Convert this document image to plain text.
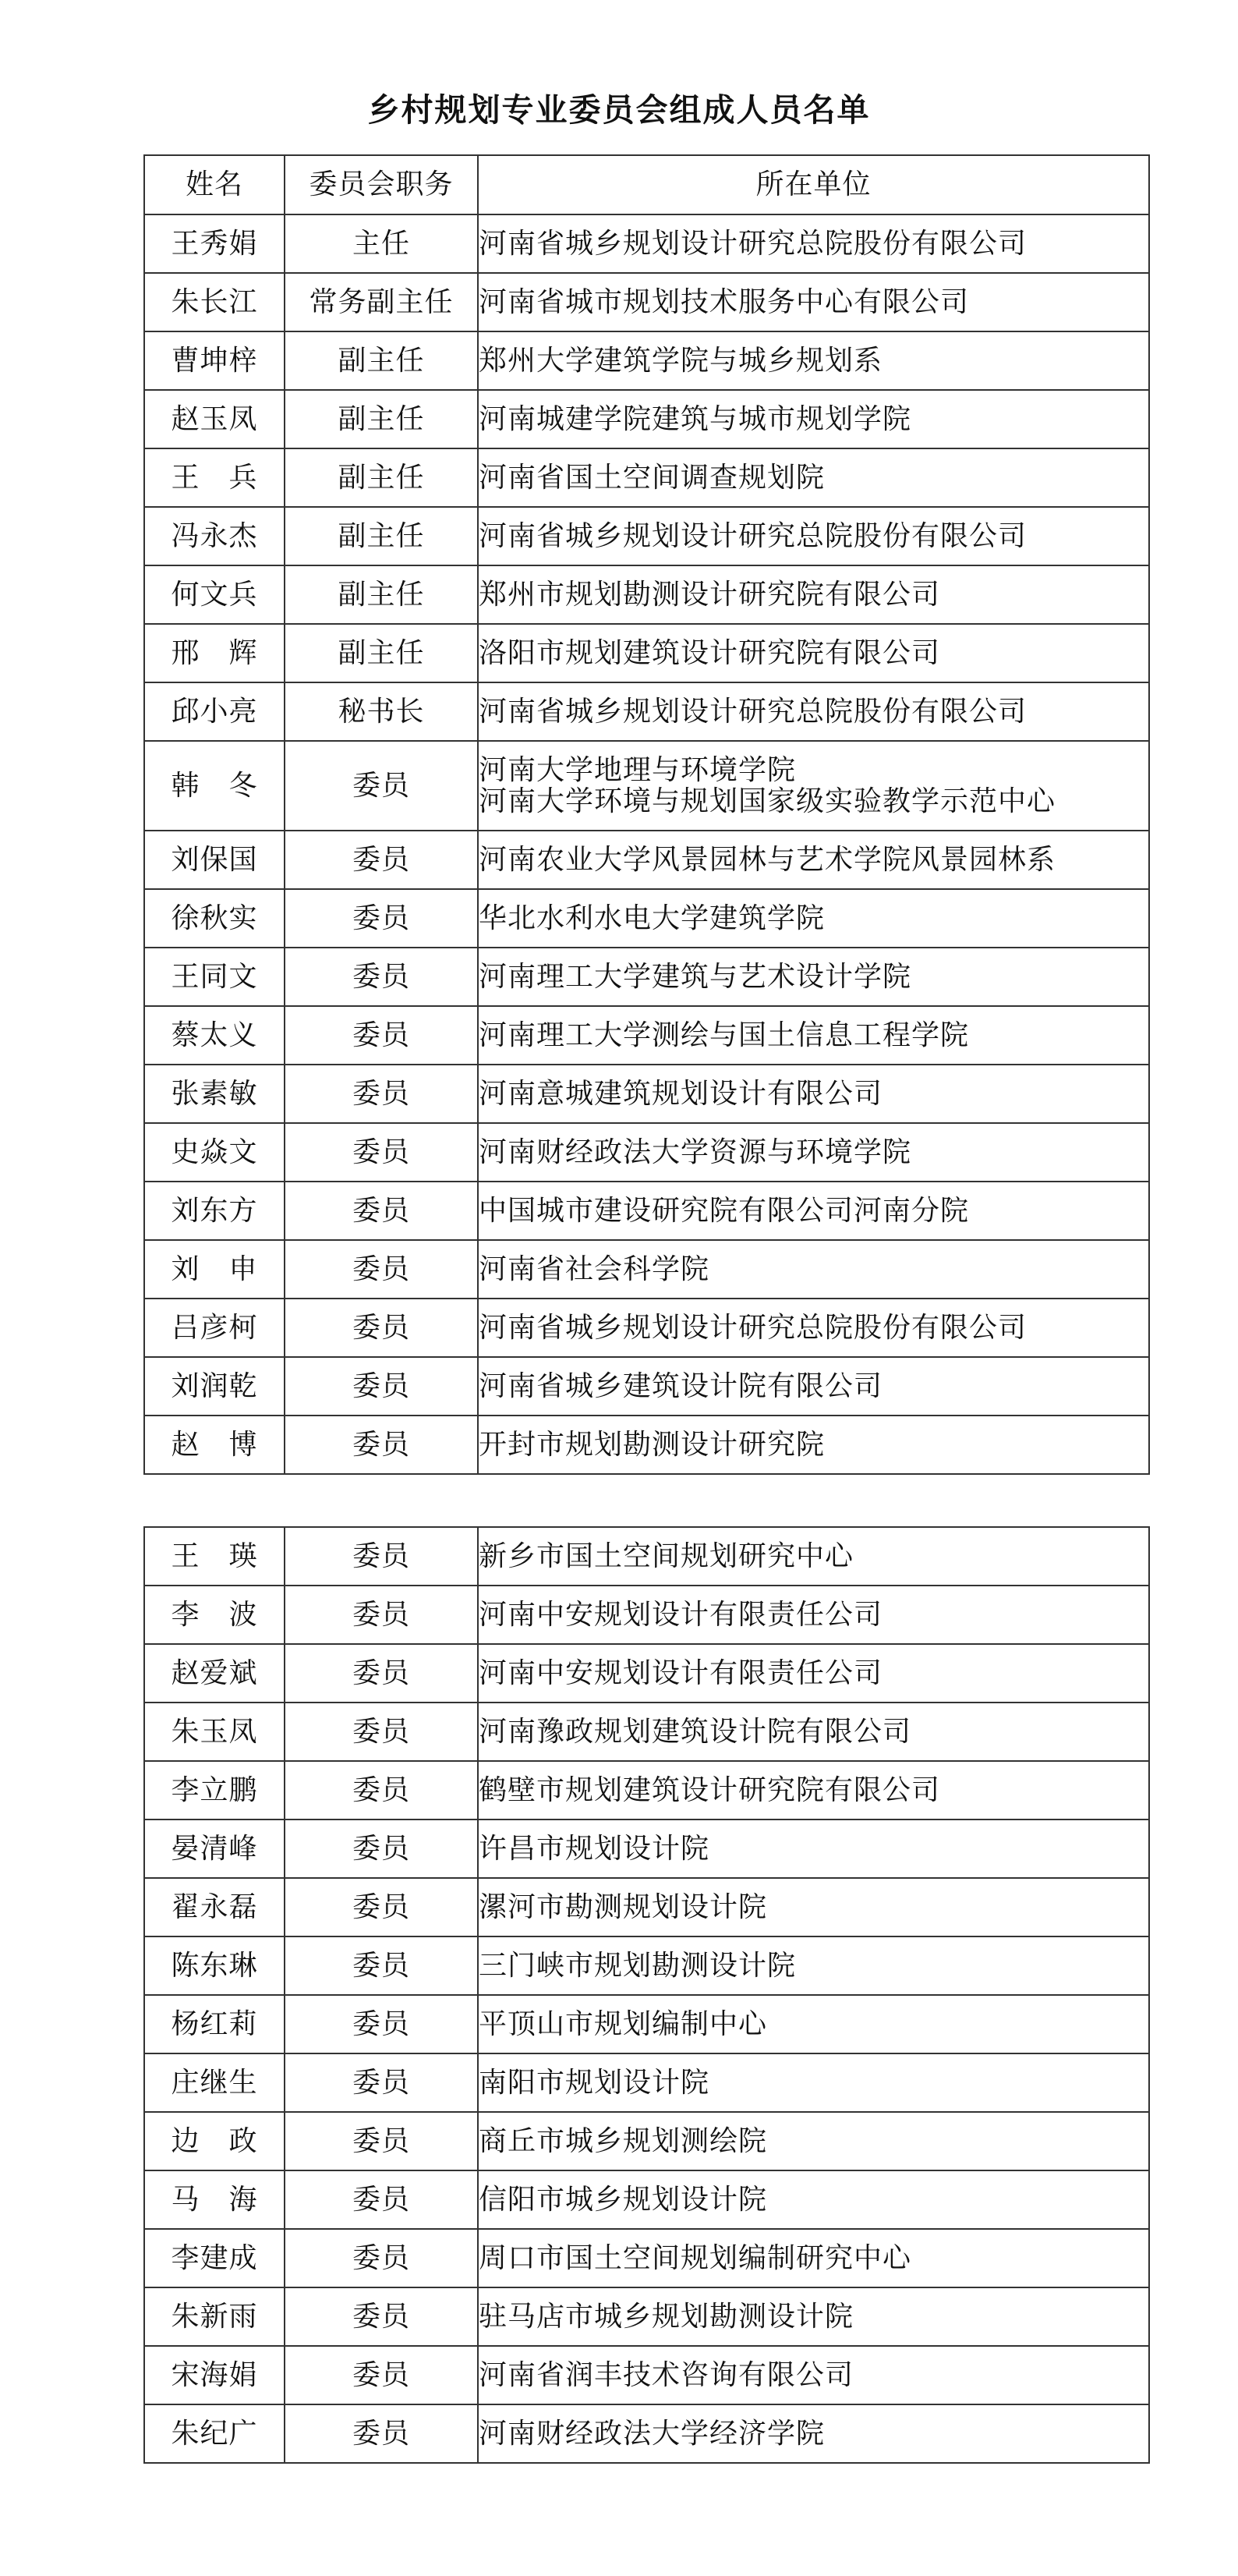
乡村规划专业委员会组成人员名单
姓名	委员会职务	所在单位
王秀娟	主任	河南省城乡规划设计研究总院股份有限公司

朱长江	常务副主任	河南省城市规划技术服务中心有限公司

曹坤梓	副主任	郑州大学建筑学院与城乡规划系

赵玉凤	副主任	河南城建学院建筑与城市规划学院

王　兵	副主任	河南省国土空间调查规划院

冯永杰	副主任	河南省城乡规划设计研究总院股份有限公司

何文兵	副主任	郑州市规划勘测设计研究院有限公司

邢　辉	副主任	洛阳市规划建筑设计研究院有限公司

邱小亮	秘书长	河南省城乡规划设计研究总院股份有限公司

韩　冬	委员	河南大学地理与环境学院
河南大学环境与规划国家级实验教学示范中心

刘保国	委员	河南农业大学风景园林与艺术学院风景园林系

徐秋实	委员	华北水利水电大学建筑学院

王同文	委员	河南理工大学建筑与艺术设计学院

蔡太义	委员	河南理工大学测绘与国土信息工程学院

张素敏	委员	河南意城建筑规划设计有限公司

史焱文	委员	河南财经政法大学资源与环境学院

刘东方	委员	中国城市建设研究院有限公司河南分院

刘　申	委员	河南省社会科学院

吕彦柯	委员	河南省城乡规划设计研究总院股份有限公司

刘润乾	委员	河南省城乡建筑设计院有限公司

赵　博	委员	开封市规划勘测设计研究院
王　瑛	委员	新乡市国土空间规划研究中心

李　波	委员	河南中安规划设计有限责任公司

赵爱斌	委员	河南中安规划设计有限责任公司

朱玉凤	委员	河南豫政规划建筑设计院有限公司

李立鹏	委员	鹤壁市规划建筑设计研究院有限公司

晏清峰	委员	许昌市规划设计院

翟永磊	委员	漯河市勘测规划设计院

陈东琳	委员	三门峡市规划勘测设计院

杨红莉	委员	平顶山市规划编制中心

庄继生	委员	南阳市规划设计院

边　政	委员	商丘市城乡规划测绘院

马　海	委员	信阳市城乡规划设计院

李建成	委员	周口市国土空间规划编制研究中心

朱新雨	委员	驻马店市城乡规划勘测设计院

宋海娟	委员	河南省润丰技术咨询有限公司

朱纪广	委员	河南财经政法大学经济学院
